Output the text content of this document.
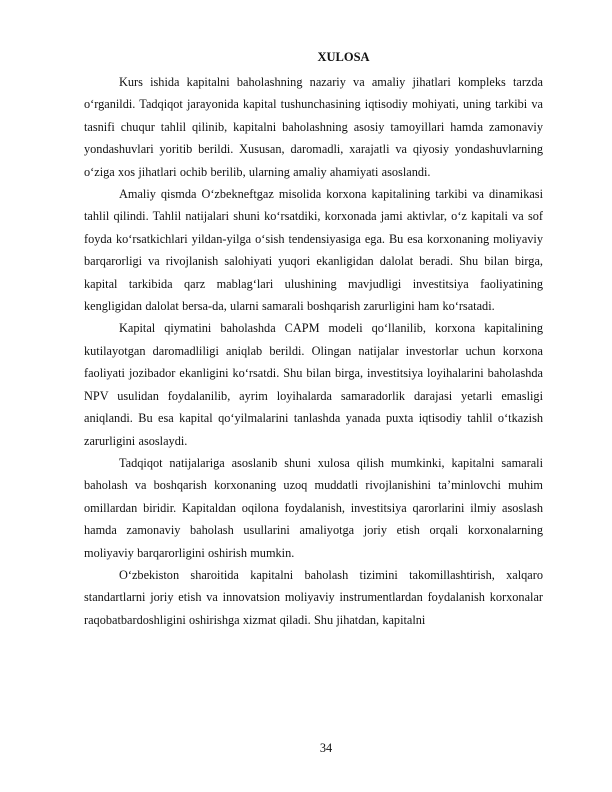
XULOSA

Kurs ishida kapitalni baholashning nazariy va amaliy jihatlari kompleks tarzda o‘rganildi. Tadqiqot jarayonida kapital tushunchasining iqtisodiy mohiyati, uning tarkibi va tasnifi chuqur tahlil qilinib, kapitalni baholashning asosiy tamoyillari hamda zamonaviy yondashuvlari yoritib berildi. Xususan, daromadli, xarajatli va qiyosiy yondashuvlarning o‘ziga xos jihatlari ochib berilib, ularning amaliy ahamiyati asoslandi.

Amaliy qismda O‘zbekneftgaz misolida korxona kapitalining tarkibi va dinamikasi tahlil qilindi. Tahlil natijalari shuni ko‘rsatdiki, korxonada jami aktivlar, o‘z kapitali va sof foyda ko‘rsatkichlari yildan-yilga o‘sish tendensiyasiga ega. Bu esa korxonaning moliyaviy barqarorligi va rivojlanish salohiyati yuqori ekanligidan dalolat beradi. Shu bilan birga, kapital tarkibida qarz mablag‘lari ulushining mavjudligi investitsiya faoliyatining kengligidan dalolat bersa-da, ularni samarali boshqarish zarurligini ham ko‘rsatadi.

Kapital qiymatini baholashda CAPM modeli qo‘llanilib, korxona kapitalining kutilayotgan daromadliligi aniqlab berildi. Olingan natijalar investorlar uchun korxona faoliyati jozibador ekanligini ko‘rsatdi. Shu bilan birga, investitsiya loyihalarini baholashda NPV usulidan foydalanilib, ayrim loyihalarda samaradorlik darajasi yetarli emasligi aniqlandi. Bu esa kapital qo‘yilmalarini tanlashda yanada puxta iqtisodiy tahlil o‘tkazish zarurligini asoslaydi.

Tadqiqot natijalariga asoslanib shuni xulosa qilish mumkinki, kapitalni samarali baholash va boshqarish korxonaning uzoq muddatli rivojlanishini ta’minlovchi muhim omillardan biridir. Kapitaldan oqilona foydalanish, investitsiya qarorlarini ilmiy asoslash hamda zamonaviy baholash usullarini amaliyotga joriy etish orqali korxonalarning moliyaviy barqarorligini oshirish mumkin.

O‘zbekiston sharoitida kapitalni baholash tizimini takomillashtirish, xalqaro standartlarni joriy etish va innovatsion moliyaviy instrumentlardan foydalanish korxonalar raqobatbardoshligini oshirishga xizmat qiladi. Shu jihatdan, kapitalni

34
